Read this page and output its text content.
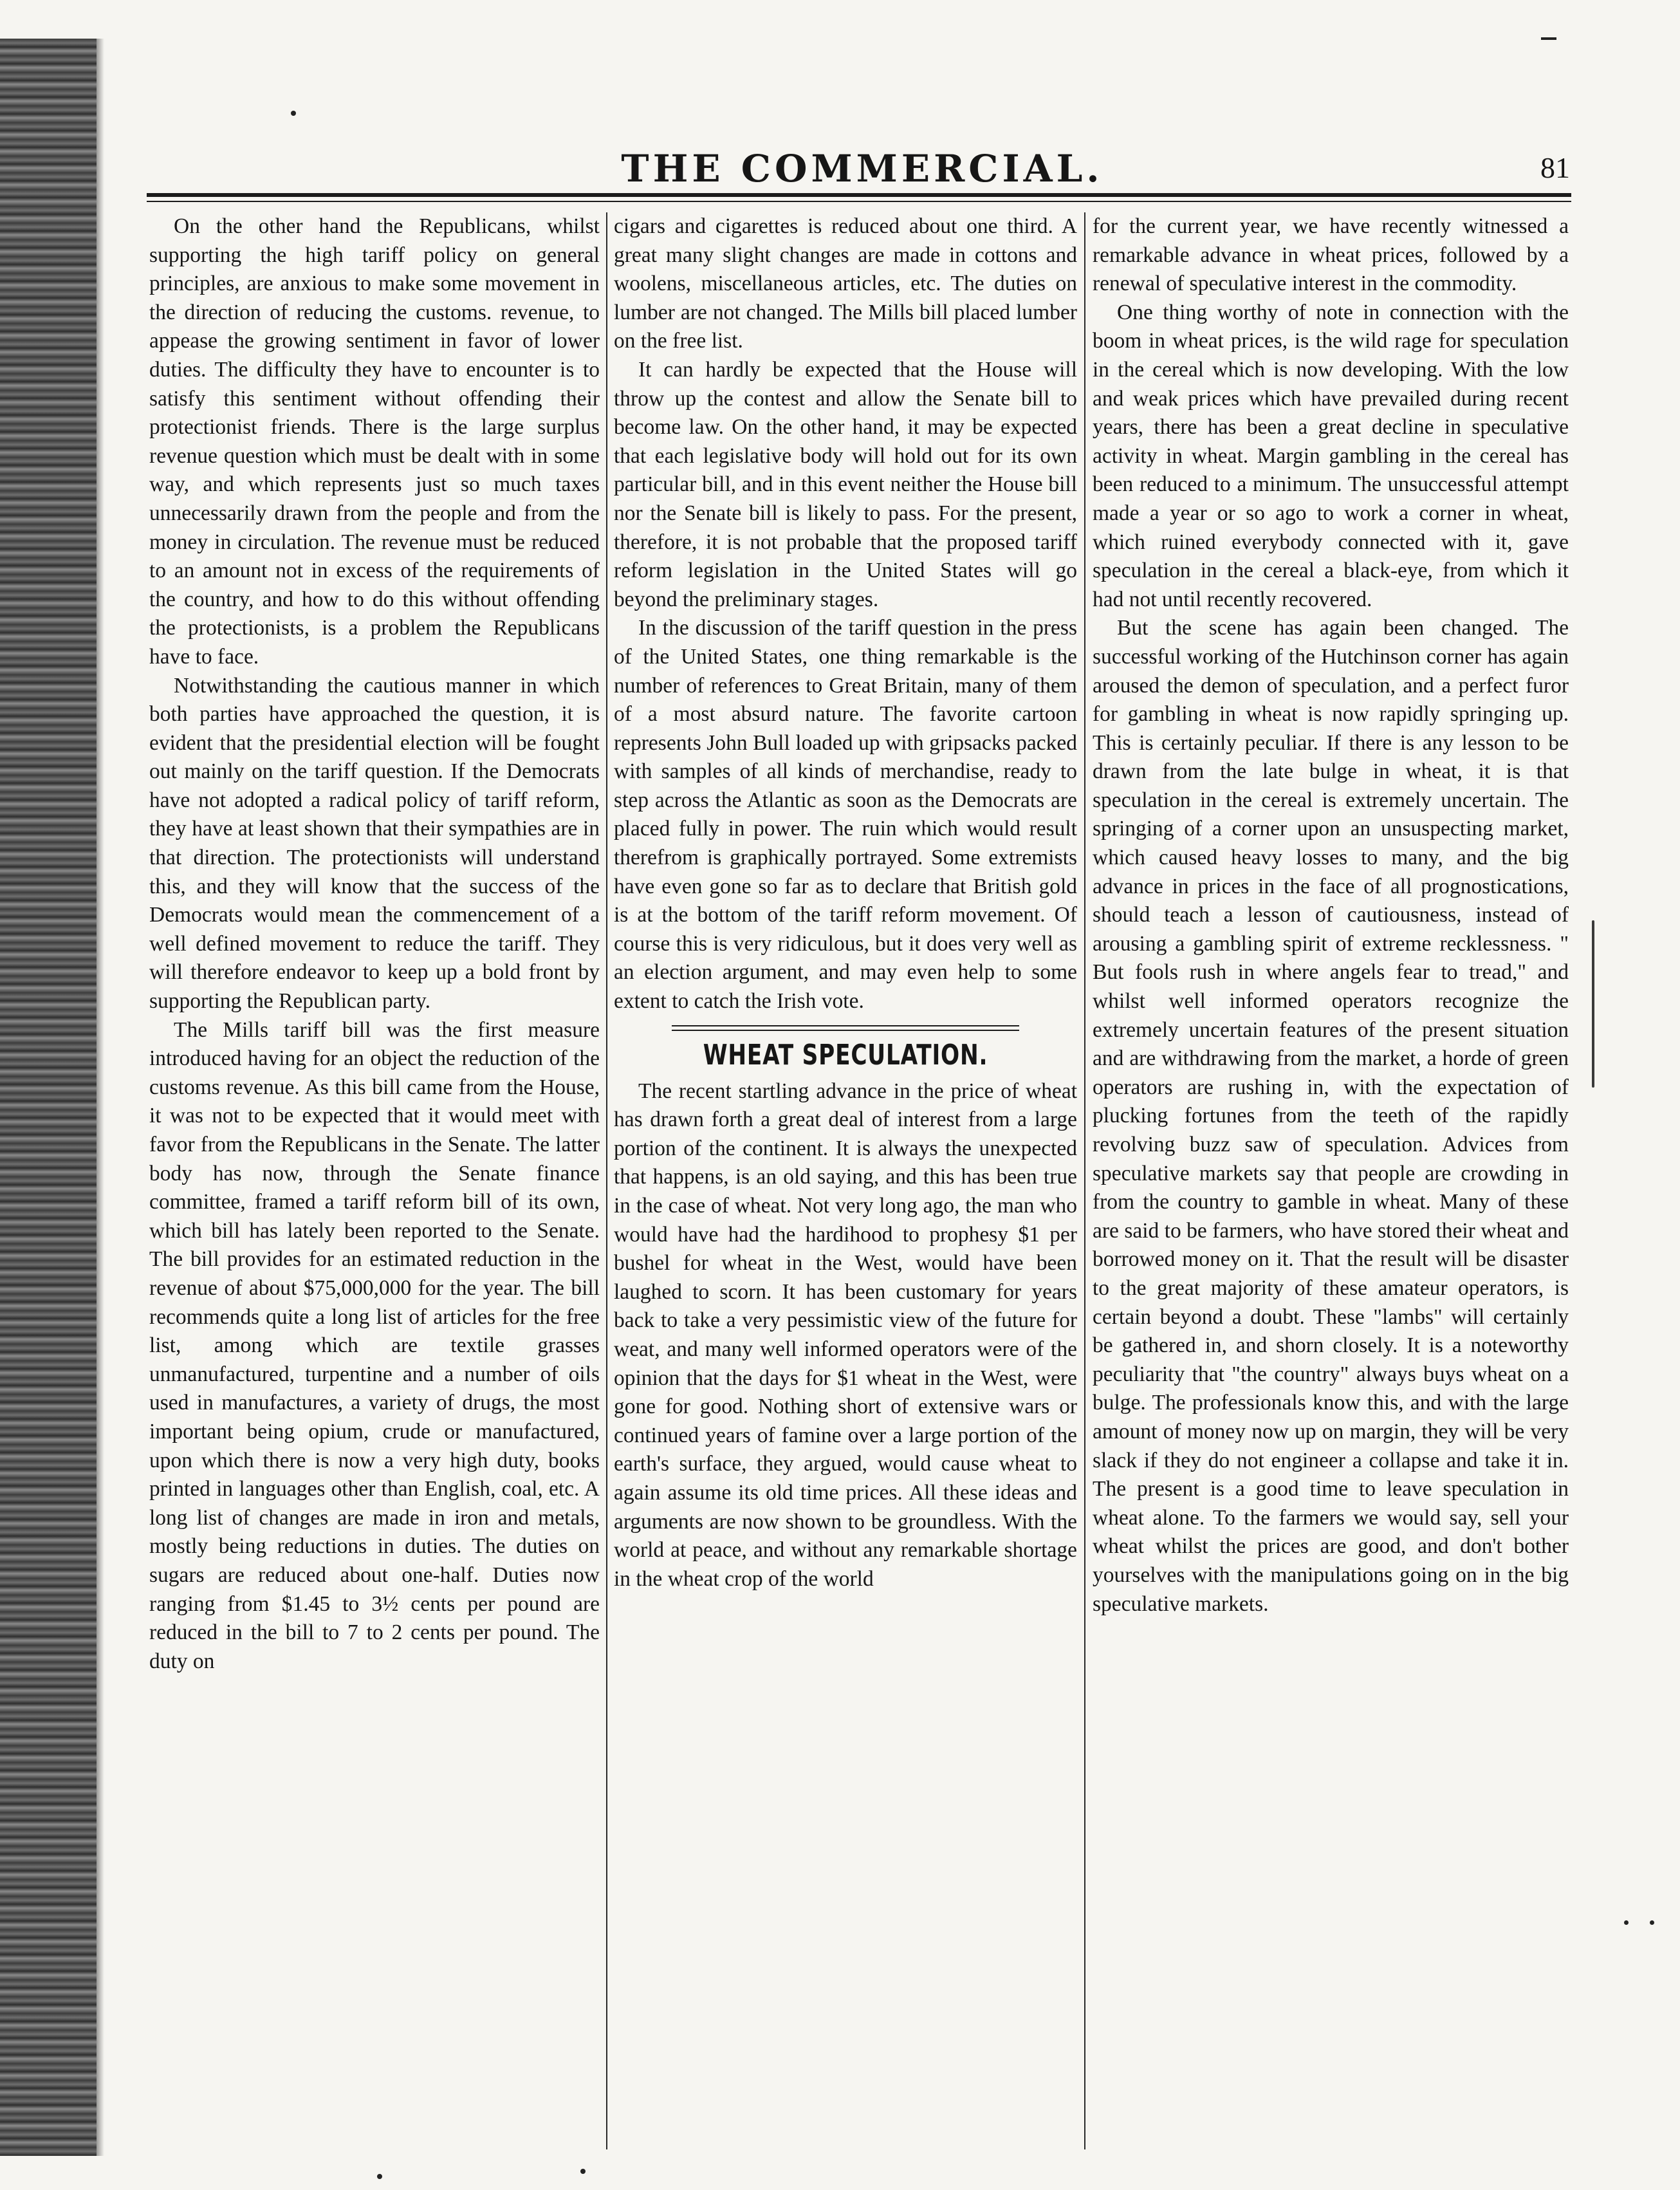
THE COMMERCIAL.	81

On the other hand the Republicans, whilst supporting the high tariff policy on general principles, are anxious to make some movement in the direction of reducing the customs. revenue, to appease the growing sentiment in favor of lower duties. The difficulty they have to encounter is to satisfy this sentiment without offending their protectionist friends. There is the large surplus revenue question which must be dealt with in some way, and which represents just so much taxes unnecessarily drawn from the people and from the money in circulation. The revenue must be reduced to an amount not in excess of the requirements of the country, and how to do this without offending the protectionists, is a problem the Republicans have to face.

Notwithstanding the cautious manner in which both parties have approached the question, it is evident that the presidential election will be fought out mainly on the tariff question. If the Democrats have not adopted a radical policy of tariff reform, they have at least shown that their sympathies are in that direction. The protectionists will understand this, and they will know that the success of the Democrats would mean the commencement of a well defined movement to reduce the tariff. They will therefore endeavor to keep up a bold front by supporting the Republican party.

The Mills tariff bill was the first measure introduced having for an object the reduction of the customs revenue. As this bill came from the House, it was not to be expected that it would meet with favor from the Republicans in the Senate. The latter body has now, through the Senate finance committee, framed a tariff reform bill of its own, which bill has lately been reported to the Senate. The bill provides for an estimated reduction in the revenue of about $75,000,000 for the year. The bill recommends quite a long list of articles for the free list, among which are textile grasses unmanufactured, turpentine and a number of oils used in manufactures, a variety of drugs, the most important being opium, crude or manufactured, upon which there is now a very high duty, books printed in languages other than English, coal, etc. A long list of changes are made in iron and metals, mostly being reductions in duties. The duties on sugars are reduced about one-half. Duties now ranging from $1.45 to 3½ cents per pound are reduced in the bill to 7 to 2 cents per pound. The duty on

cigars and cigarettes is reduced about one third. A great many slight changes are made in cottons and woolens, miscellaneous articles, etc. The duties on lumber are not changed. The Mills bill placed lumber on the free list.

It can hardly be expected that the House will throw up the contest and allow the Senate bill to become law. On the other hand, it may be expected that each legislative body will hold out for its own particular bill, and in this event neither the House bill nor the Senate bill is likely to pass. For the present, therefore, it is not probable that the proposed tariff reform legislation in the United States will go beyond the preliminary stages.

In the discussion of the tariff question in the press of the United States, one thing remarkable is the number of references to Great Britain, many of them of a most absurd nature. The favorite cartoon represents John Bull loaded up with gripsacks packed with samples of all kinds of merchandise, ready to step across the Atlantic as soon as the Democrats are placed fully in power. The ruin which would result therefrom is graphically portrayed. Some extremists have even gone so far as to declare that British gold is at the bottom of the tariff reform movement. Of course this is very ridiculous, but it does very well as an election argument, and may even help to some extent to catch the Irish vote.

WHEAT SPECULATION.

The recent startling advance in the price of wheat has drawn forth a great deal of interest from a large portion of the continent. It is always the unexpected that happens, is an old saying, and this has been true in the case of wheat. Not very long ago, the man who would have had the hardihood to prophesy $1 per bushel for wheat in the West, would have been laughed to scorn. It has been customary for years back to take a very pessimistic view of the future for weat, and many well informed operators were of the opinion that the days for $1 wheat in the West, were gone for good. Nothing short of extensive wars or continued years of famine over a large portion of the earth's surface, they argued, would cause wheat to again assume its old time prices. All these ideas and arguments are now shown to be groundless. With the world at peace, and without any remarkable shortage in the wheat crop of the world

for the current year, we have recently witnessed a remarkable advance in wheat prices, followed by a renewal of speculative interest in the commodity.

One thing worthy of note in connection with the boom in wheat prices, is the wild rage for speculation in the cereal which is now developing. With the low and weak prices which have prevailed during recent years, there has been a great decline in speculative activity in wheat. Margin gambling in the cereal has been reduced to a minimum. The unsuccessful attempt made a year or so ago to work a corner in wheat, which ruined everybody connected with it, gave speculation in the cereal a black-eye, from which it had not until recently recovered.

But the scene has again been changed. The successful working of the Hutchinson corner has again aroused the demon of speculation, and a perfect furor for gambling in wheat is now rapidly springing up. This is certainly peculiar. If there is any lesson to be drawn from the late bulge in wheat, it is that speculation in the cereal is extremely uncertain. The springing of a corner upon an unsuspecting market, which caused heavy losses to many, and the big advance in prices in the face of all prognostications, should teach a lesson of cautiousness, instead of arousing a gambling spirit of extreme recklessness. " But fools rush in where angels fear to tread," and whilst well informed operators recognize the extremely uncertain features of the present situation and are withdrawing from the market, a horde of green operators are rushing in, with the expectation of plucking fortunes from the teeth of the rapidly revolving buzz saw of speculation. Advices from speculative markets say that people are crowding in from the country to gamble in wheat. Many of these are said to be farmers, who have stored their wheat and borrowed money on it. That the result will be disaster to the great majority of these amateur operators, is certain beyond a doubt. These "lambs" will certainly be gathered in, and shorn closely. It is a noteworthy peculiarity that "the country" always buys wheat on a bulge. The professionals know this, and with the large amount of money now up on margin, they will be very slack if they do not engineer a collapse and take it in. The present is a good time to leave speculation in wheat alone. To the farmers we would say, sell your wheat whilst the prices are good, and don't bother yourselves with the manipulations going on in the big speculative markets.
